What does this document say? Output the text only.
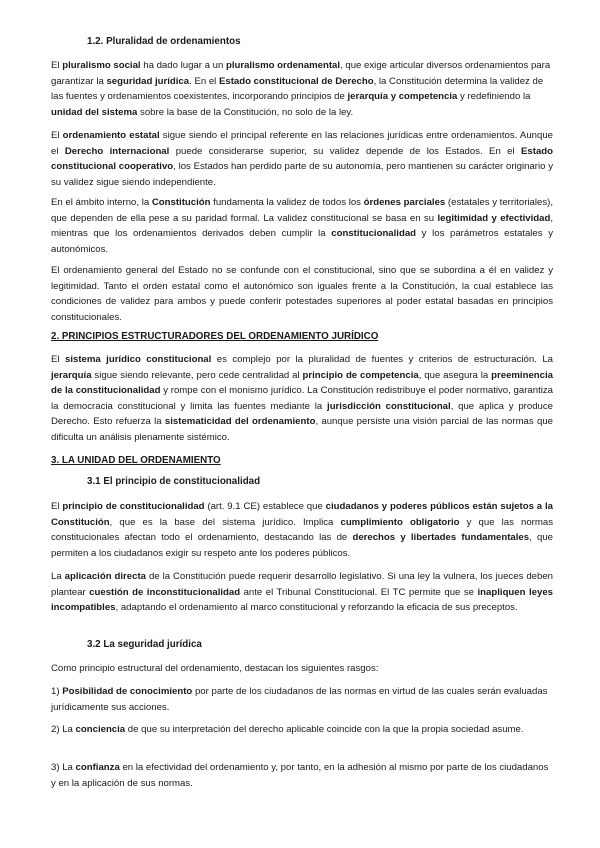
1.2. Pluralidad de ordenamientos

El pluralismo social ha dado lugar a un pluralismo ordenamental, que exige articular diversos ordenamientos para garantizar la seguridad jurídica. En el Estado constitucional de Derecho, la Constitución determina la validez de las fuentes y ordenamientos coexistentes, incorporando principios de jerarquía y competencia y redefiniendo la unidad del sistema sobre la base de la Constitución, no solo de la ley.

El ordenamiento estatal sigue siendo el principal referente en las relaciones jurídicas entre ordenamientos. Aunque el Derecho internacional puede considerarse superior, su validez depende de los Estados. En el Estado constitucional cooperativo, los Estados han perdido parte de su autonomía, pero mantienen su carácter originario y su validez sigue siendo independiente.

En el ámbito interno, la Constitución fundamenta la validez de todos los órdenes parciales (estatales y territoriales), que dependen de ella pese a su paridad formal. La validez constitucional se basa en su legitimidad y efectividad, mientras que los ordenamientos derivados deben cumplir la constitucionalidad y los parámetros estatales y autonómicos.

El ordenamiento general del Estado no se confunde con el constitucional, sino que se subordina a él en validez y legitimidad. Tanto el orden estatal como el autonómico son iguales frente a la Constitución, la cual establece las condiciones de validez para ambos y puede conferir potestades superiores al poder estatal basadas en principios constitucionales.

2. PRINCIPIOS ESTRUCTURADORES DEL ORDENAMIENTO JURÍDICO

El sistema jurídico constitucional es complejo por la pluralidad de fuentes y criterios de estructuración. La jerarquía sigue siendo relevante, pero cede centralidad al principio de competencia, que asegura la preeminencia de la constitucionalidad y rompe con el monismo jurídico. La Constitución redistribuye el poder normativo, garantiza la democracia constitucional y limita las fuentes mediante la jurisdicción constitucional, que aplica y produce Derecho. Esto refuerza la sistematicidad del ordenamiento, aunque persiste una visión parcial de las normas que dificulta un análisis plenamente sistémico.

3. LA UNIDAD DEL ORDENAMIENTO
3.1 El principio de constitucionalidad

El principio de constitucionalidad (art. 9.1 CE) establece que ciudadanos y poderes públicos están sujetos a la Constitución, que es la base del sistema jurídico. Implica cumplimiento obligatorio y que las normas constitucionales afectan todo el ordenamiento, destacando las de derechos y libertades fundamentales, que permiten a los ciudadanos exigir su respeto ante los poderes públicos.

La aplicación directa de la Constitución puede requerir desarrollo legislativo. Si una ley la vulnera, los jueces deben plantear cuestión de inconstitucionalidad ante el Tribunal Constitucional. El TC permite que se inapliquen leyes incompatibles, adaptando el ordenamiento al marco constitucional y reforzando la eficacia de sus preceptos.

3.2 La seguridad jurídica

Como principio estructural del ordenamiento, destacan los siguientes rasgos:

1) Posibilidad de conocimiento por parte de los ciudadanos de las normas en virtud de las cuales serán evaluadas jurídicamente sus acciones.

2) La conciencia de que su interpretación del derecho aplicable coincide con la que la propia sociedad asume.

3) La confianza en la efectividad del ordenamiento y, por tanto, en la adhesión al mismo por parte de los ciudadanos y en la aplicación de sus normas.
